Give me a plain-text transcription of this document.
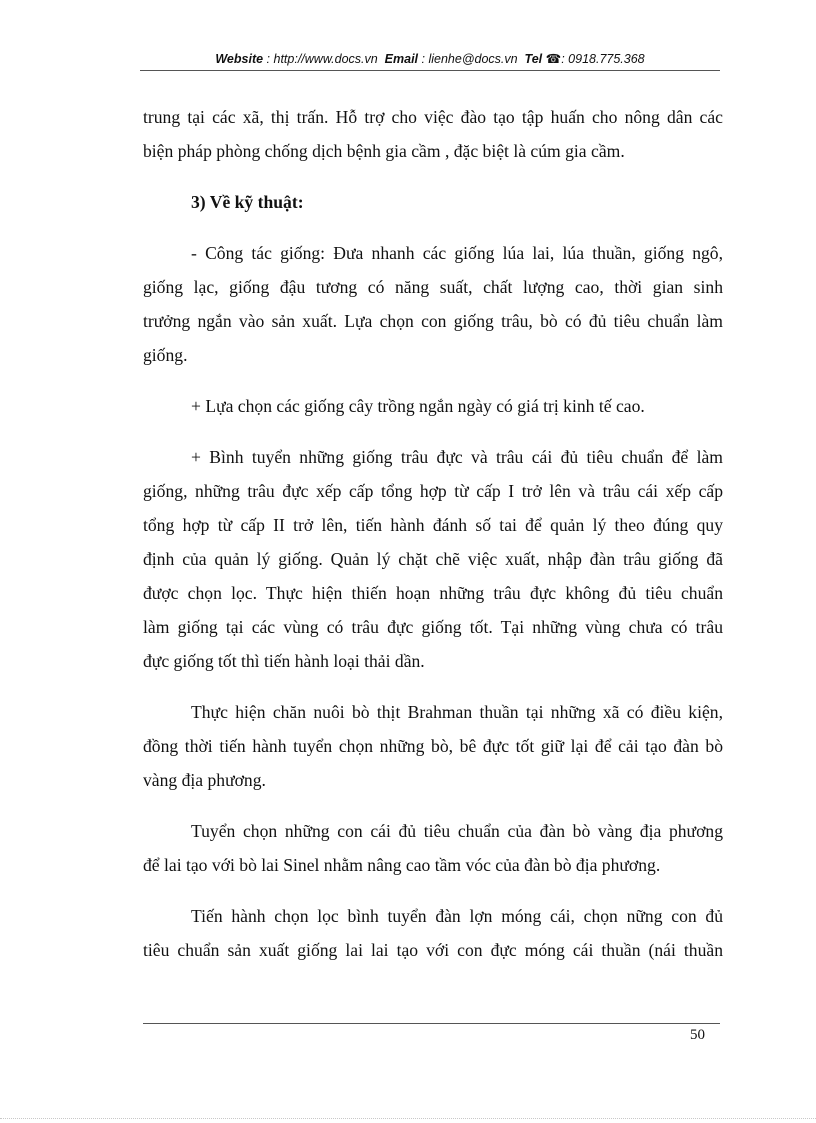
Website : http://www.docs.vn Email : lienhe@docs.vn Tel ☎: 0918.775.368
trung tại các xã, thị trấn. Hỗ trợ cho việc đào tạo tập huấn cho nông dân các
biện pháp phòng chống dịch bệnh gia cầm , đặc biệt là cúm gia cầm.
3) Về kỹ thuật:
- Công tác giống: Đưa nhanh các giống lúa lai, lúa thuần, giống ngô,
giống lạc, giống đậu tương có năng suất, chất lượng cao, thời gian sinh
trưởng ngắn vào sản xuất. Lựa chọn con giống trâu, bò có đủ tiêu chuẩn làm
giống.
+ Lựa chọn các giống cây trồng ngắn ngày có giá trị kinh tế cao.
+ Bình tuyển những giống trâu đực và trâu cái đủ tiêu chuẩn để làm
giống, những trâu đực xếp cấp tổng hợp từ cấp I trở lên và trâu cái xếp cấp
tổng hợp từ cấp II trở lên, tiến hành đánh số tai để quản lý theo đúng quy
định của quản lý giống. Quản lý chặt chẽ việc xuất, nhập đàn trâu giống đã
được chọn lọc. Thực hiện thiến hoạn những trâu đực không đủ tiêu chuẩn
làm giống tại các vùng có trâu đực giống tốt. Tại những vùng chưa có trâu
đực giống tốt thì tiến hành loại thải dần.
Thực hiện chăn nuôi bò thịt Brahman thuần tại những xã có điều kiện,
đồng thời tiến hành tuyển chọn những bò, bê đực tốt giữ lại để cải tạo đàn bò
vàng địa phương.
Tuyển chọn những con cái đủ tiêu chuẩn của đàn bò vàng địa phương
để lai tạo với bò lai Sinel nhằm nâng cao tầm vóc của đàn bò địa phương.
Tiến hành chọn lọc bình tuyển đàn lợn móng cái, chọn nững con đủ
tiêu chuẩn sản xuất giống lai lai tạo với con đực móng cái thuần (nái thuần
50
